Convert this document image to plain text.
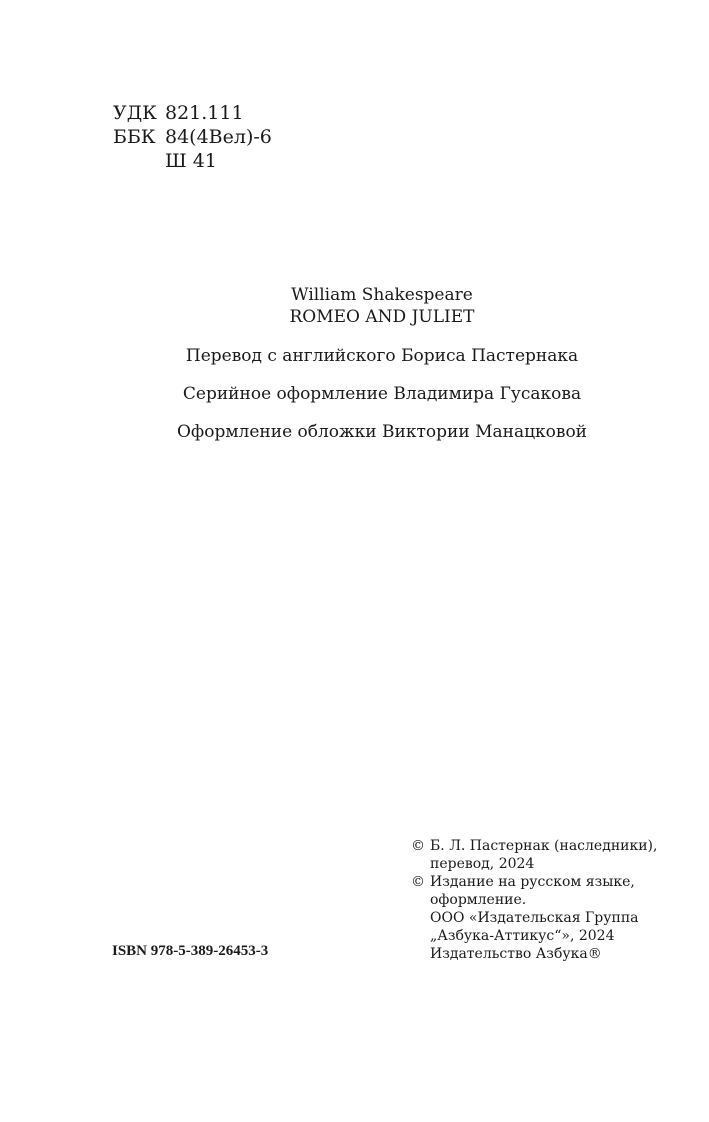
УДК 821.111
ББК 84(4Вел)-6
Ш 41
William Shakespeare
ROMEO AND JULIET
Перевод с английского Бориса Пастернака
Серийное оформление Владимира Гусакова
Оформление обложки Виктории Манацковой
ISBN 978-5-389-26453-3
© Б. Л. Пастернак (наследники),
перевод, 2024
© Издание на русском языке,
оформление.
ООО «Издательская Группа
„Азбука-Аттикус“», 2024
Издательство Азбука®
